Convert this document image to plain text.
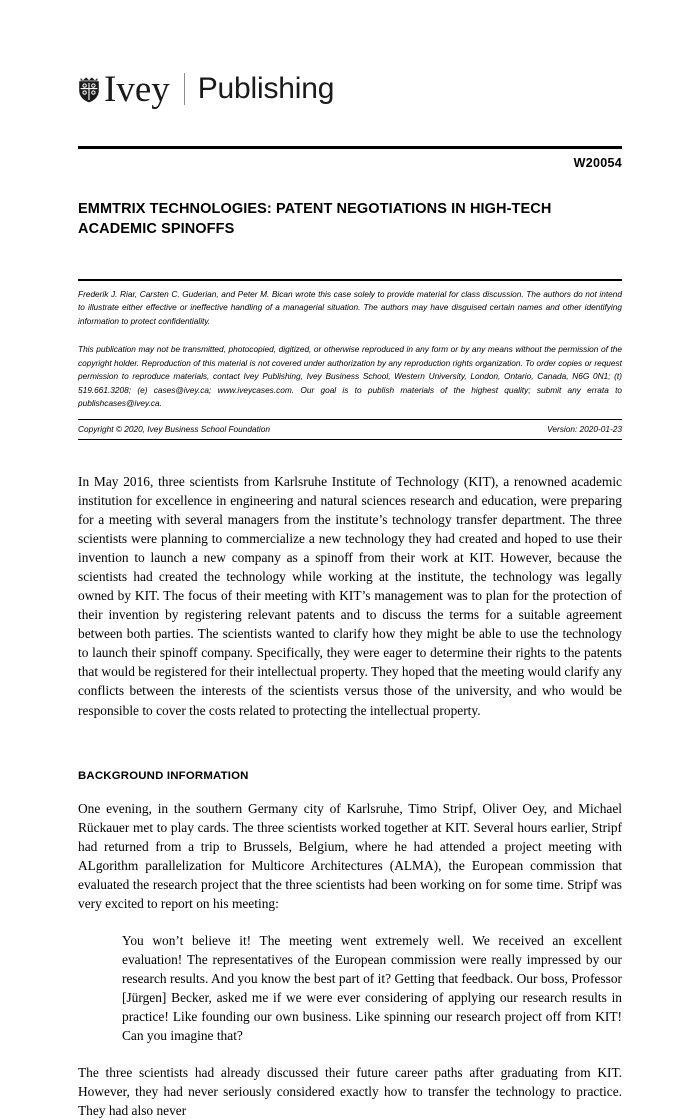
Ivey Publishing
W20054
EMMTRIX TECHNOLOGIES: PATENT NEGOTIATIONS IN HIGH-TECH ACADEMIC SPINOFFS
Frederik J. Riar, Carsten C. Guderian, and Peter M. Bican wrote this case solely to provide material for class discussion. The authors do not intend to illustrate either effective or ineffective handling of a managerial situation. The authors may have disguised certain names and other identifying information to protect confidentiality.
This publication may not be transmitted, photocopied, digitized, or otherwise reproduced in any form or by any means without the permission of the copyright holder. Reproduction of this material is not covered under authorization by any reproduction rights organization. To order copies or request permission to reproduce materials, contact Ivey Publishing, Ivey Business School, Western University, London, Ontario, Canada, N6G 0N1; (t) 519.661.3208; (e) cases@ivey.ca; www.iveycases.com. Our goal is to publish materials of the highest quality; submit any errata to publishcases@ivey.ca.
Copyright © 2020, Ivey Business School Foundation	Version: 2020-01-23

In May 2016, three scientists from Karlsruhe Institute of Technology (KIT), a renowned academic institution for excellence in engineering and natural sciences research and education, were preparing for a meeting with several managers from the institute’s technology transfer department. The three scientists were planning to commercialize a new technology they had created and hoped to use their invention to launch a new company as a spinoff from their work at KIT. However, because the scientists had created the technology while working at the institute, the technology was legally owned by KIT. The focus of their meeting with KIT’s management was to plan for the protection of their invention by registering relevant patents and to discuss the terms for a suitable agreement between both parties. The scientists wanted to clarify how they might be able to use the technology to launch their spinoff company. Specifically, they were eager to determine their rights to the patents that would be registered for their intellectual property. They hoped that the meeting would clarify any conflicts between the interests of the scientists versus those of the university, and who would be responsible to cover the costs related to protecting the intellectual property.

BACKGROUND INFORMATION

One evening, in the southern Germany city of Karlsruhe, Timo Stripf, Oliver Oey, and Michael Rückauer met to play cards. The three scientists worked together at KIT. Several hours earlier, Stripf had returned from a trip to Brussels, Belgium, where he had attended a project meeting with ALgorithm parallelization for Multicore Architectures (ALMA), the European commission that evaluated the research project that the three scientists had been working on for some time. Stripf was very excited to report on his meeting:

You won’t believe it! The meeting went extremely well. We received an excellent evaluation! The representatives of the European commission were really impressed by our research results. And you know the best part of it? Getting that feedback. Our boss, Professor [Jürgen] Becker, asked me if we were ever considering of applying our research results in practice! Like founding our own business. Like spinning our research project off from KIT! Can you imagine that?

The three scientists had already discussed their future career paths after graduating from KIT. However, they had never seriously considered exactly how to transfer the technology to practice. They had also never
